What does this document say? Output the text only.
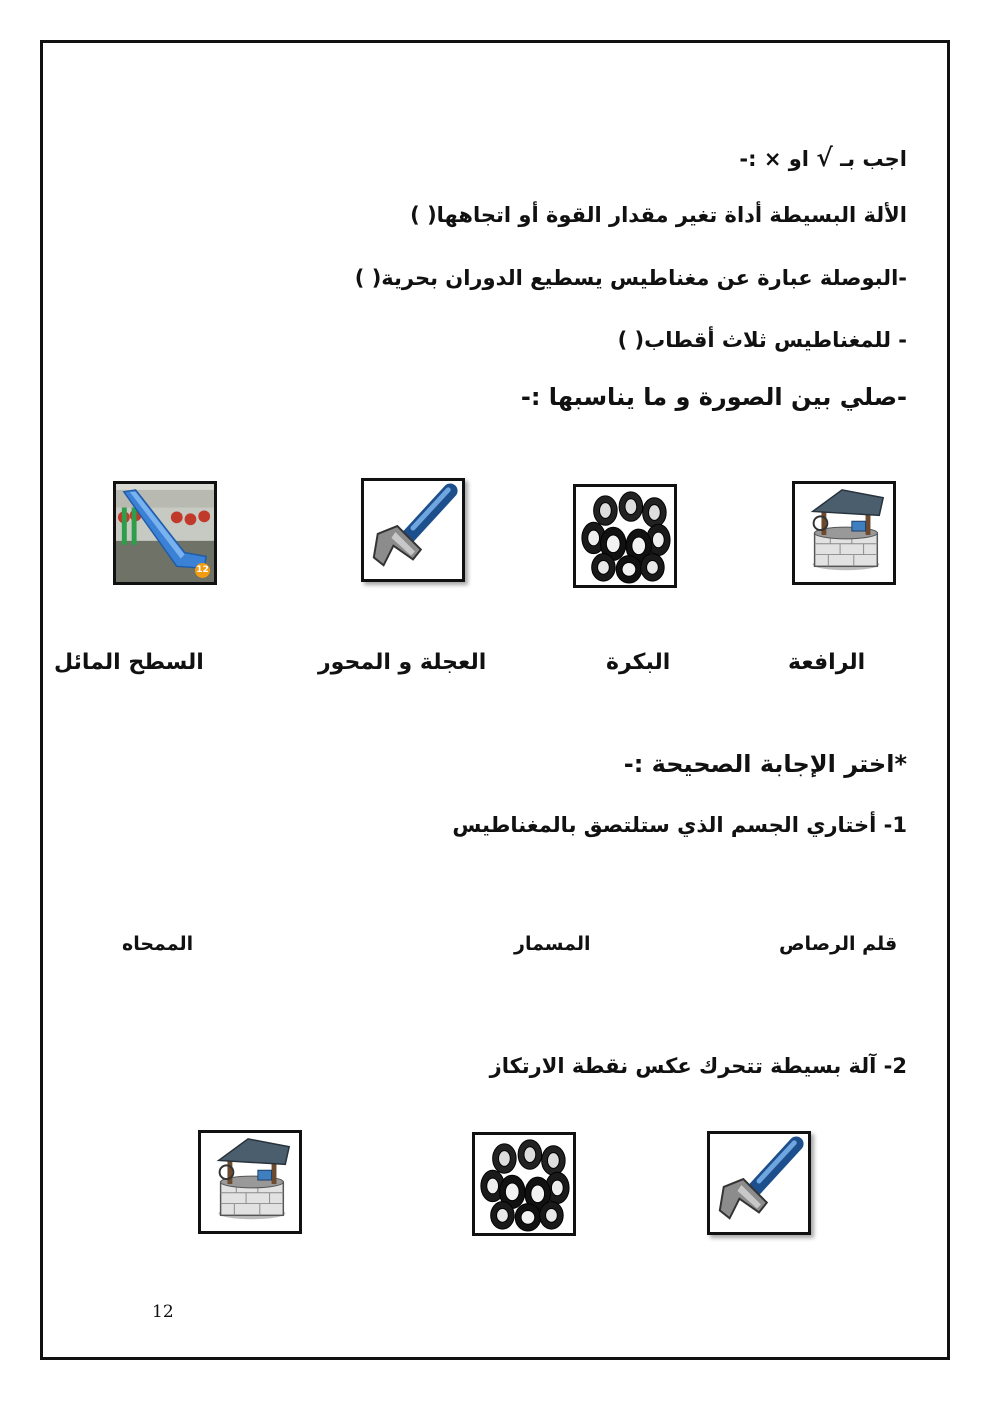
اجب بـ √ او × :-
الألة البسيطة أداة تغير مقدار القوة أو اتجاهها( )
-البوصلة عبارة عن مغناطيس يسطيع الدوران بحرية( )
- للمغناطيس ثلاث أقطاب( )
-صلي بين الصورة و ما يناسبها :-
12
الرافعة
البكرة
العجلة و المحور
السطح المائل
*اختر الإجابة الصحيحة :-
1- أختاري الجسم الذي ستلتصق بالمغناطيس
قلم الرصاص
المسمار
الممحاه
2- آلة بسيطة تتحرك عكس نقطة الارتكاز
12
